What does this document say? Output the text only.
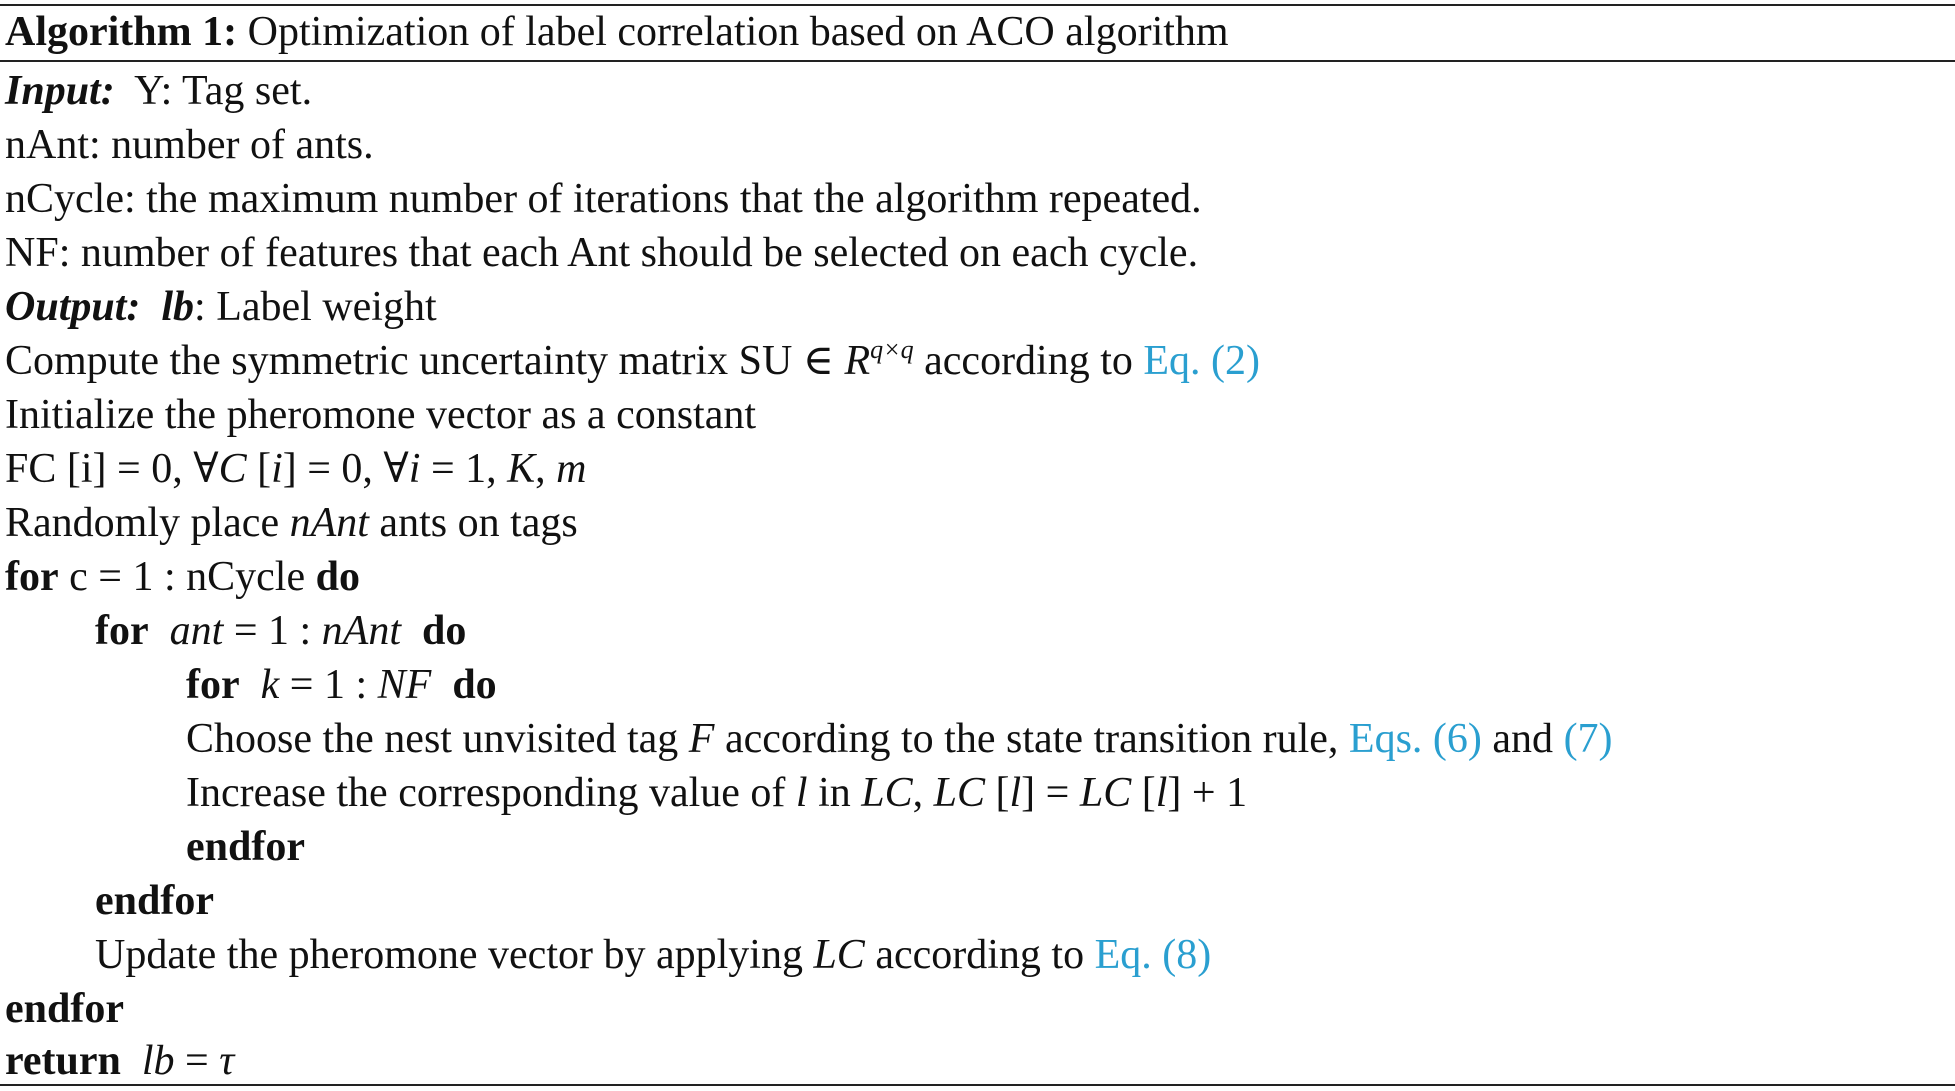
Algorithm 1: Optimization of label correlation based on ACO algorithm
Input: Y: Tag set.
nAnt: number of ants.
nCycle: the maximum number of iterations that the algorithm repeated.
NF: number of features that each Ant should be selected on each cycle.
Output: lb: Label weight
Compute the symmetric uncertainty matrix SU ∈ $R^{q\times q}$ according to Eq. (2)
Initialize the pheromone vector as a constant
FC [i] = 0, ∀C [i] = 0, ∀i = 1, K, m
Randomly place nAnt ants on tags
for c = 1 : nCycle do
for ant = 1 : nAnt do
for k = 1 : NF do
Choose the nest unvisited tag F according to the state transition rule, Eqs. (6) and (7)
Increase the corresponding value of l in LC, LC [l] = LC [l] + 1
endfor
endfor
Update the pheromone vector by applying LC according to Eq. (8)
endfor
return lb = τ
